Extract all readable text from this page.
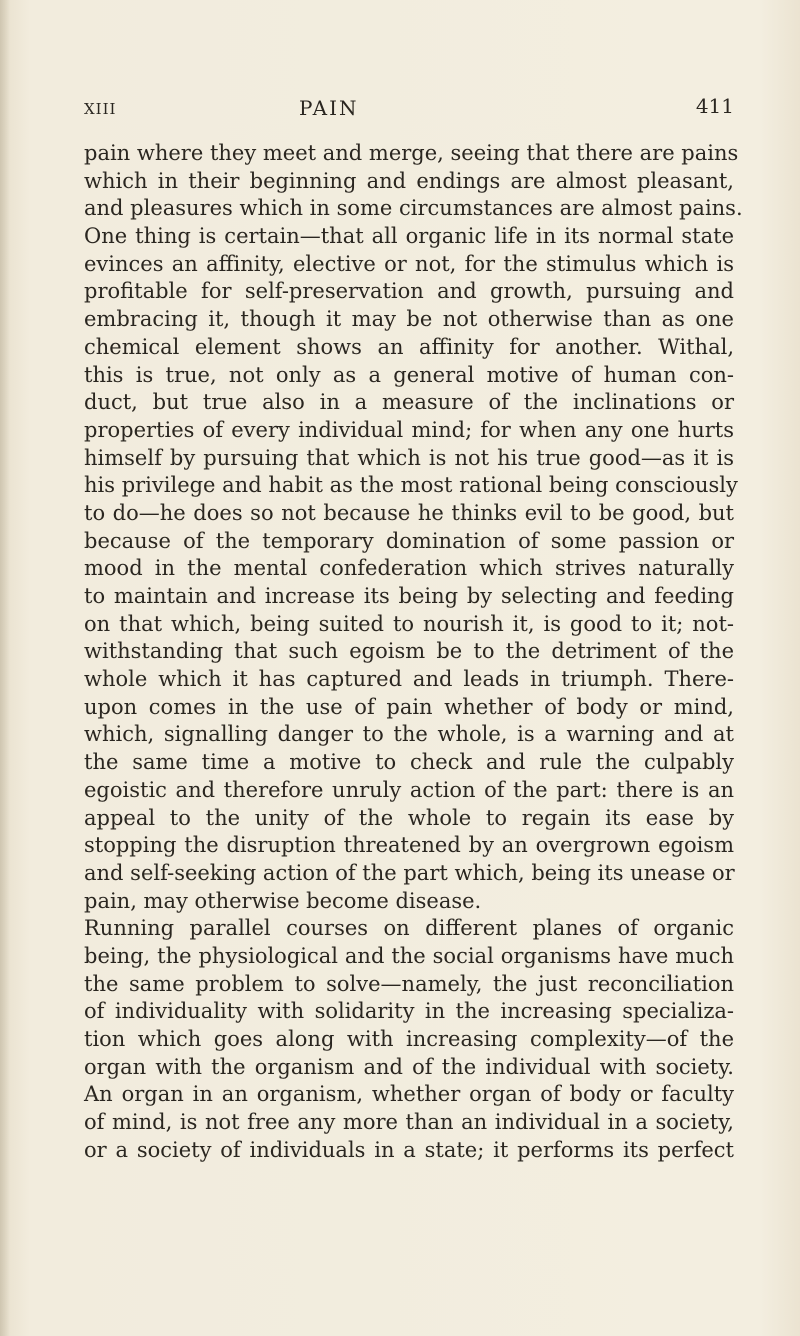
XIII	PAIN	411
pain where they meet and merge, seeing that there are pains
which in their beginning and endings are almost pleasant,
and pleasures which in some circumstances are almost pains.
One thing is certain—that all organic life in its normal state
evinces an affinity, elective or not, for the stimulus which is
profitable for self-preservation and growth, pursuing and
embracing it, though it may be not otherwise than as one
chemical element shows an affinity for another. Withal,
this is true, not only as a general motive of human con-
duct, but true also in a measure of the inclinations or
properties of every individual mind; for when any one hurts
himself by pursuing that which is not his true good—as it is
his privilege and habit as the most rational being consciously
to do—he does so not because he thinks evil to be good, but
because of the temporary domination of some passion or
mood in the mental confederation which strives naturally
to maintain and increase its being by selecting and feeding
on that which, being suited to nourish it, is good to it; not-
withstanding that such egoism be to the detriment of the
whole which it has captured and leads in triumph. There-
upon comes in the use of pain whether of body or mind,
which, signalling danger to the whole, is a warning and at
the same time a motive to check and rule the culpably
egoistic and therefore unruly action of the part: there is an
appeal to the unity of the whole to regain its ease by
stopping the disruption threatened by an overgrown egoism
and self-seeking action of the part which, being its unease or
pain, may otherwise become disease.
Running parallel courses on different planes of organic
being, the physiological and the social organisms have much
the same problem to solve—namely, the just reconciliation
of individuality with solidarity in the increasing specializa-
tion which goes along with increasing complexity—of the
organ with the organism and of the individual with society.
An organ in an organism, whether organ of body or faculty
of mind, is not free any more than an individual in a society,
or a society of individuals in a state; it performs its perfect
